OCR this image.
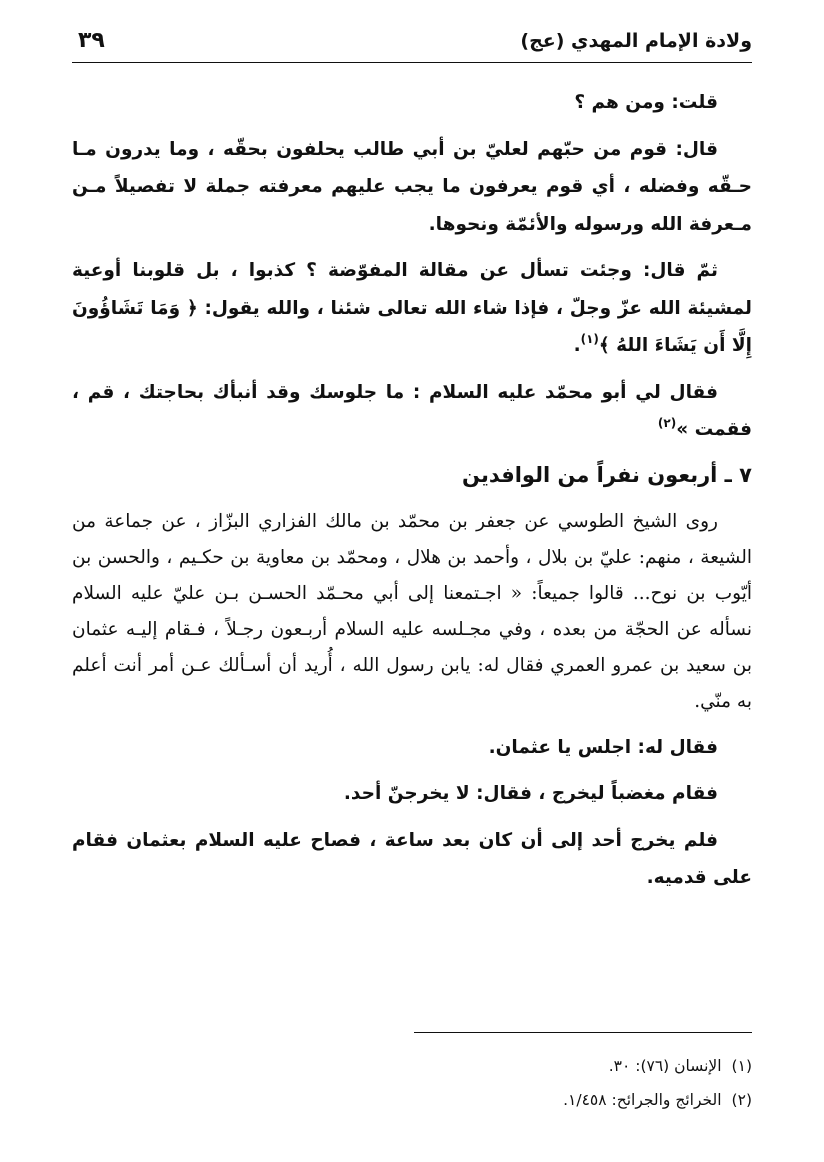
ولادة الإمام المهدي (عج)
٣٩

قلت: ومن هم ؟

قال: قوم من حبّهم لعليّ بن أبي طالب يحلفون بحقّه ، وما يدرون مـا حـقّه وفضله ، أي قوم يعرفون ما يجب عليهم معرفته جملة لا تفصيلاً مـن مـعرفة الله ورسوله والأئمّة ونحوها.

ثمّ قال: وجئت تسأل عن مقالة المفوّضة ؟ كذبوا ، بل قلوبنا أوعية لمشيئة الله عزّ وجلّ ، فإذا شاء الله تعالى شئنا ، والله يقول: ﴿ وَمَا تَشَاؤُونَ إِلَّا أَن يَشَاءَ اللهُ ﴾$^{(١)}$.

فقال لي أبو محمّد عليه السلام : ما جلوسك وقد أنبأك بحاجتك ، قم ، فقمت »$^{(٢)}$

٧ ـ أربعون نفراً من الوافدين

روى الشيخ الطوسي عن جعفر بن محمّد بن مالك الفزاري البزّاز ، عن جماعة من الشيعة ، منهم: عليّ بن بلال ، وأحمد بن هلال ، ومحمّد بن معاوية بن حكـيم ، والحسن بن أيّوب بن نوح... قالوا جميعاً: « اجـتمعنا إلى أبي محـمّد الحسـن بـن عليّ عليه السلام نسأله عن الحجّة من بعده ، وفي مجـلسه عليه السلام أربـعون رجـلاً ، فـقام إليـه عثمان بن سعيد بن عمرو العمري فقال له: يابن رسول الله ، أُريد أن أسـألك عـن أمر أنت أعلم به منّي.

فقال له: اجلس يا عثمان.

فقام مغضباً ليخرج ، فقال: لا يخرجنّ أحد.

فلم يخرج أحد إلى أن كان بعد ساعة ، فصاح عليه السلام بعثمان فقام على قدميه.

(١)الإنسان (٧٦): ٣٠.

(٢)الخرائج والجرائح: ١/٤٥٨.
